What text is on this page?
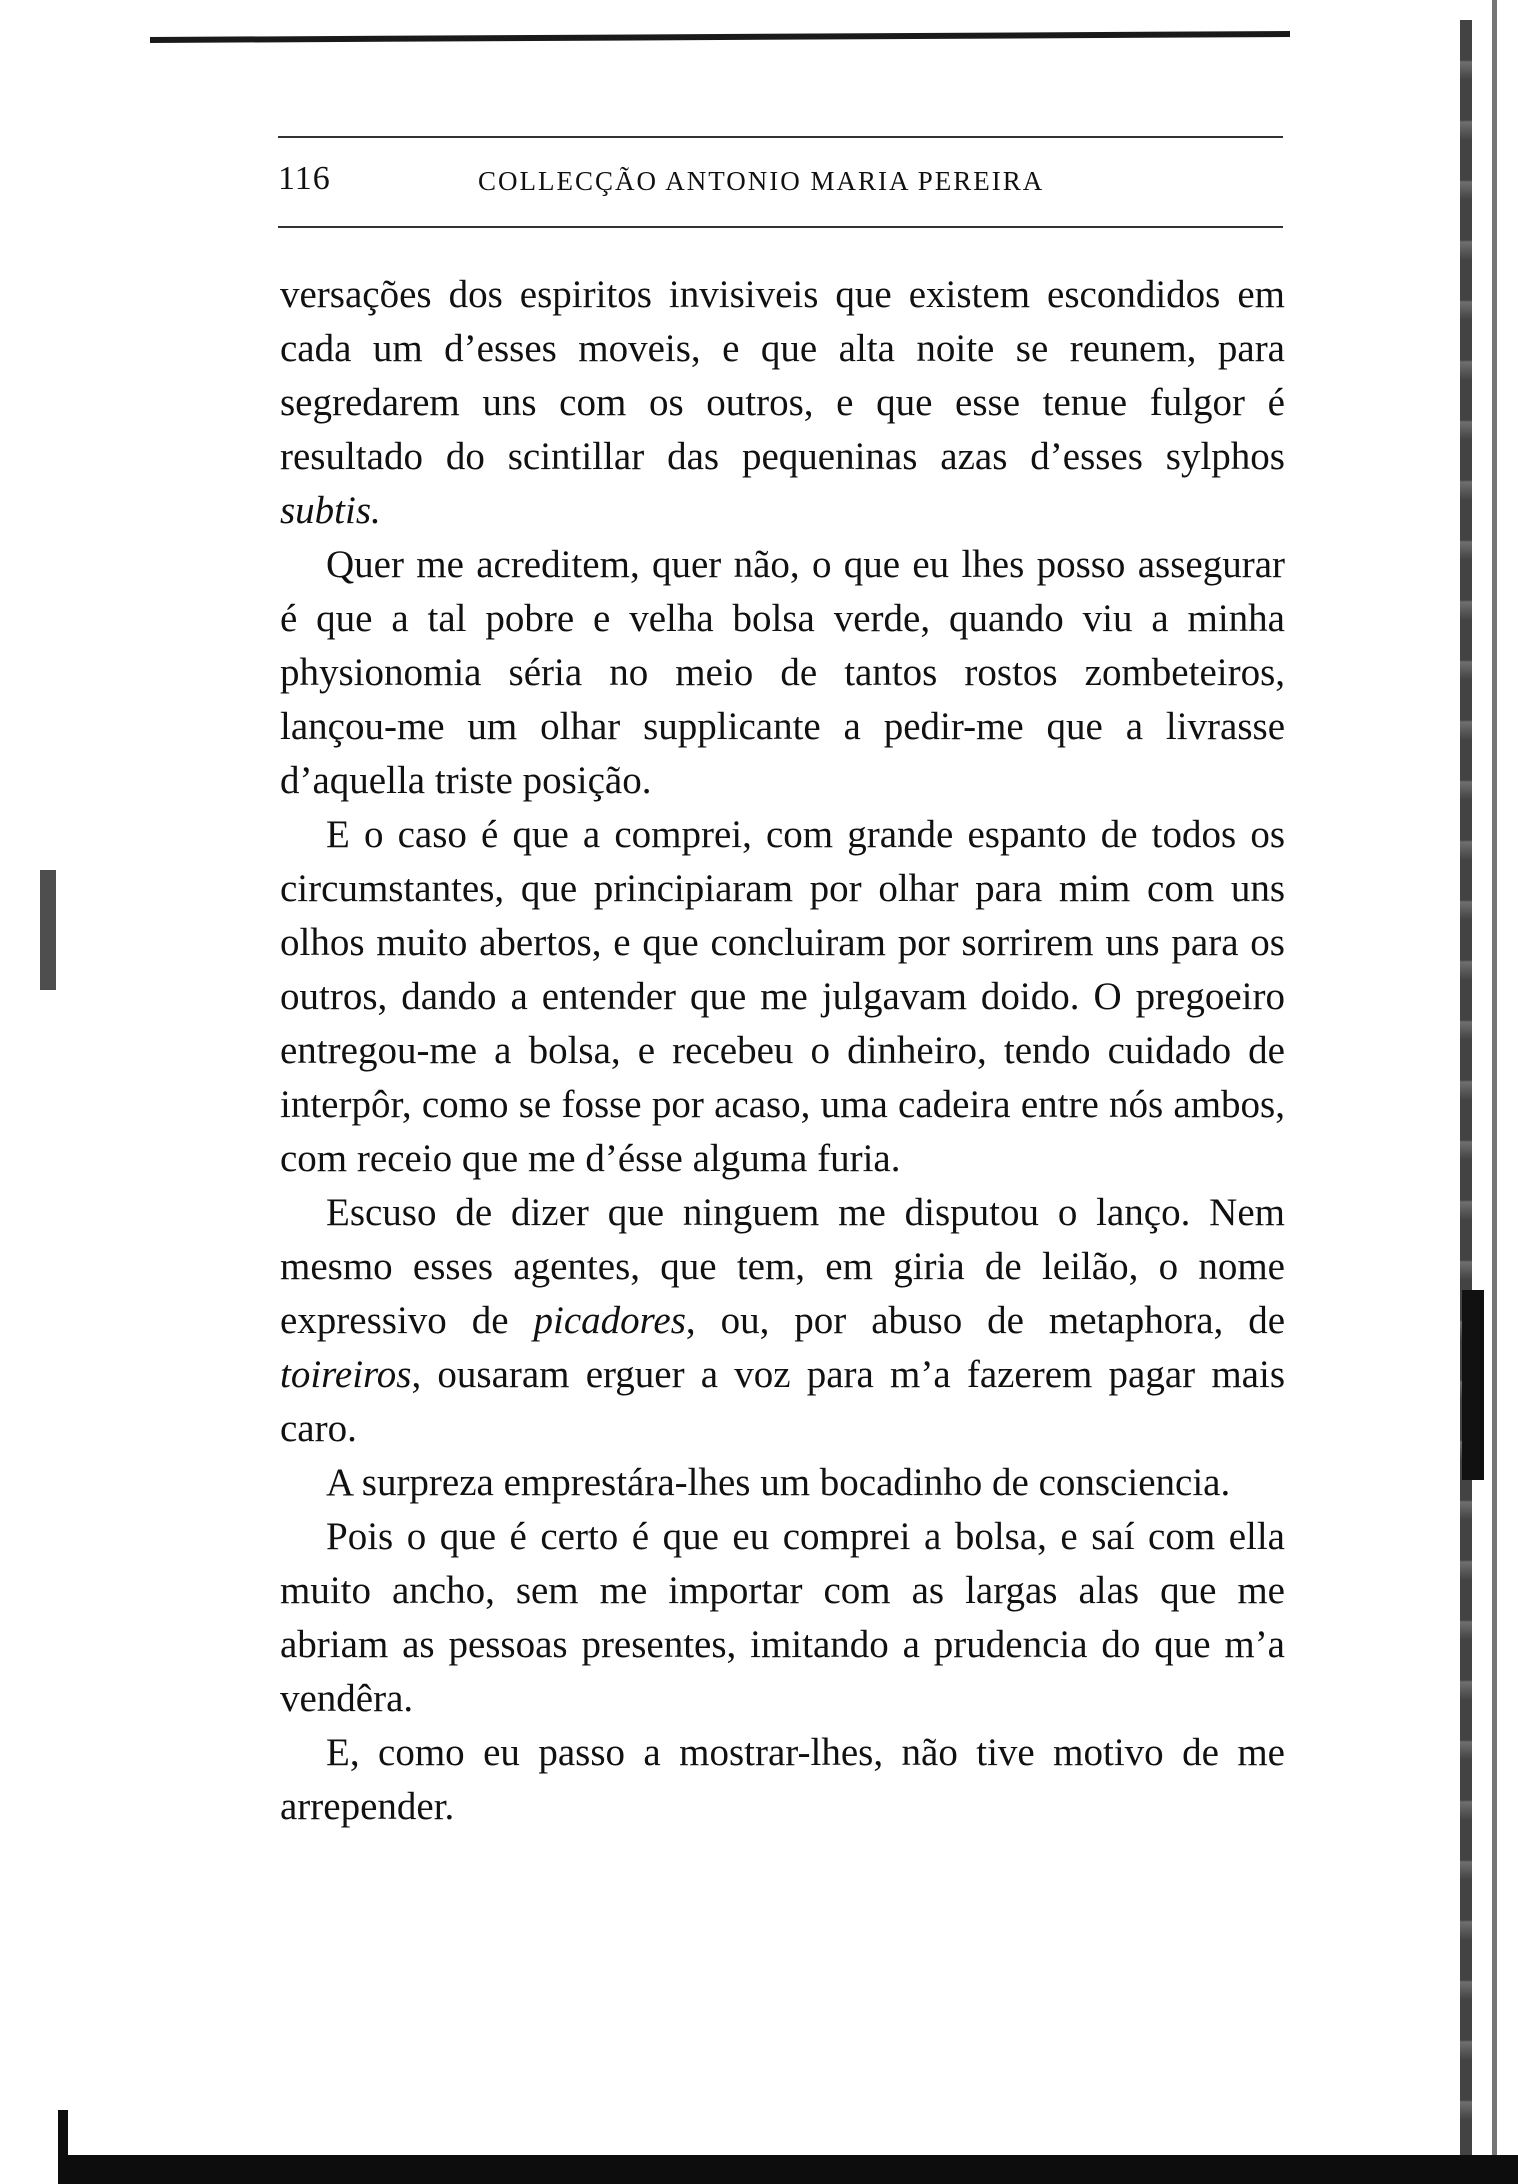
116	COLLECÇÃO ANTONIO MARIA PEREIRA

versações dos espiritos invisiveis que existem escondidos em cada um d’esses moveis, e que alta noite se reunem, para segredarem uns com os outros, e que esse tenue fulgor é resultado do scintillar das pequeninas azas d’esses sylphos subtis.

Quer me acreditem, quer não, o que eu lhes posso assegurar é que a tal pobre e velha bolsa verde, quando viu a minha physionomia séria no meio de tantos rostos zombeteiros, lançou-me um olhar supplicante a pedir-me que a livrasse d’aquella triste posição.

E o caso é que a comprei, com grande espanto de todos os circumstantes, que principiaram por olhar para mim com uns olhos muito abertos, e que concluiram por sorrirem uns para os outros, dando a entender que me julgavam doido. O pregoeiro entregou-me a bolsa, e recebeu o dinheiro, tendo cuidado de interpôr, como se fosse por acaso, uma cadeira entre nós ambos, com receio que me d’ésse alguma furia.

Escuso de dizer que ninguem me disputou o lanço. Nem mesmo esses agentes, que tem, em giria de leilão, o nome expressivo de picadores, ou, por abuso de metaphora, de toireiros, ousaram erguer a voz para m’a fazerem pagar mais caro.

A surpreza emprestára-lhes um bocadinho de consciencia.

Pois o que é certo é que eu comprei a bolsa, e saí com ella muito ancho, sem me importar com as largas alas que me abriam as pessoas presentes, imitando a prudencia do que m’a vendêra.

E, como eu passo a mostrar-lhes, não tive motivo de me arrepender.
